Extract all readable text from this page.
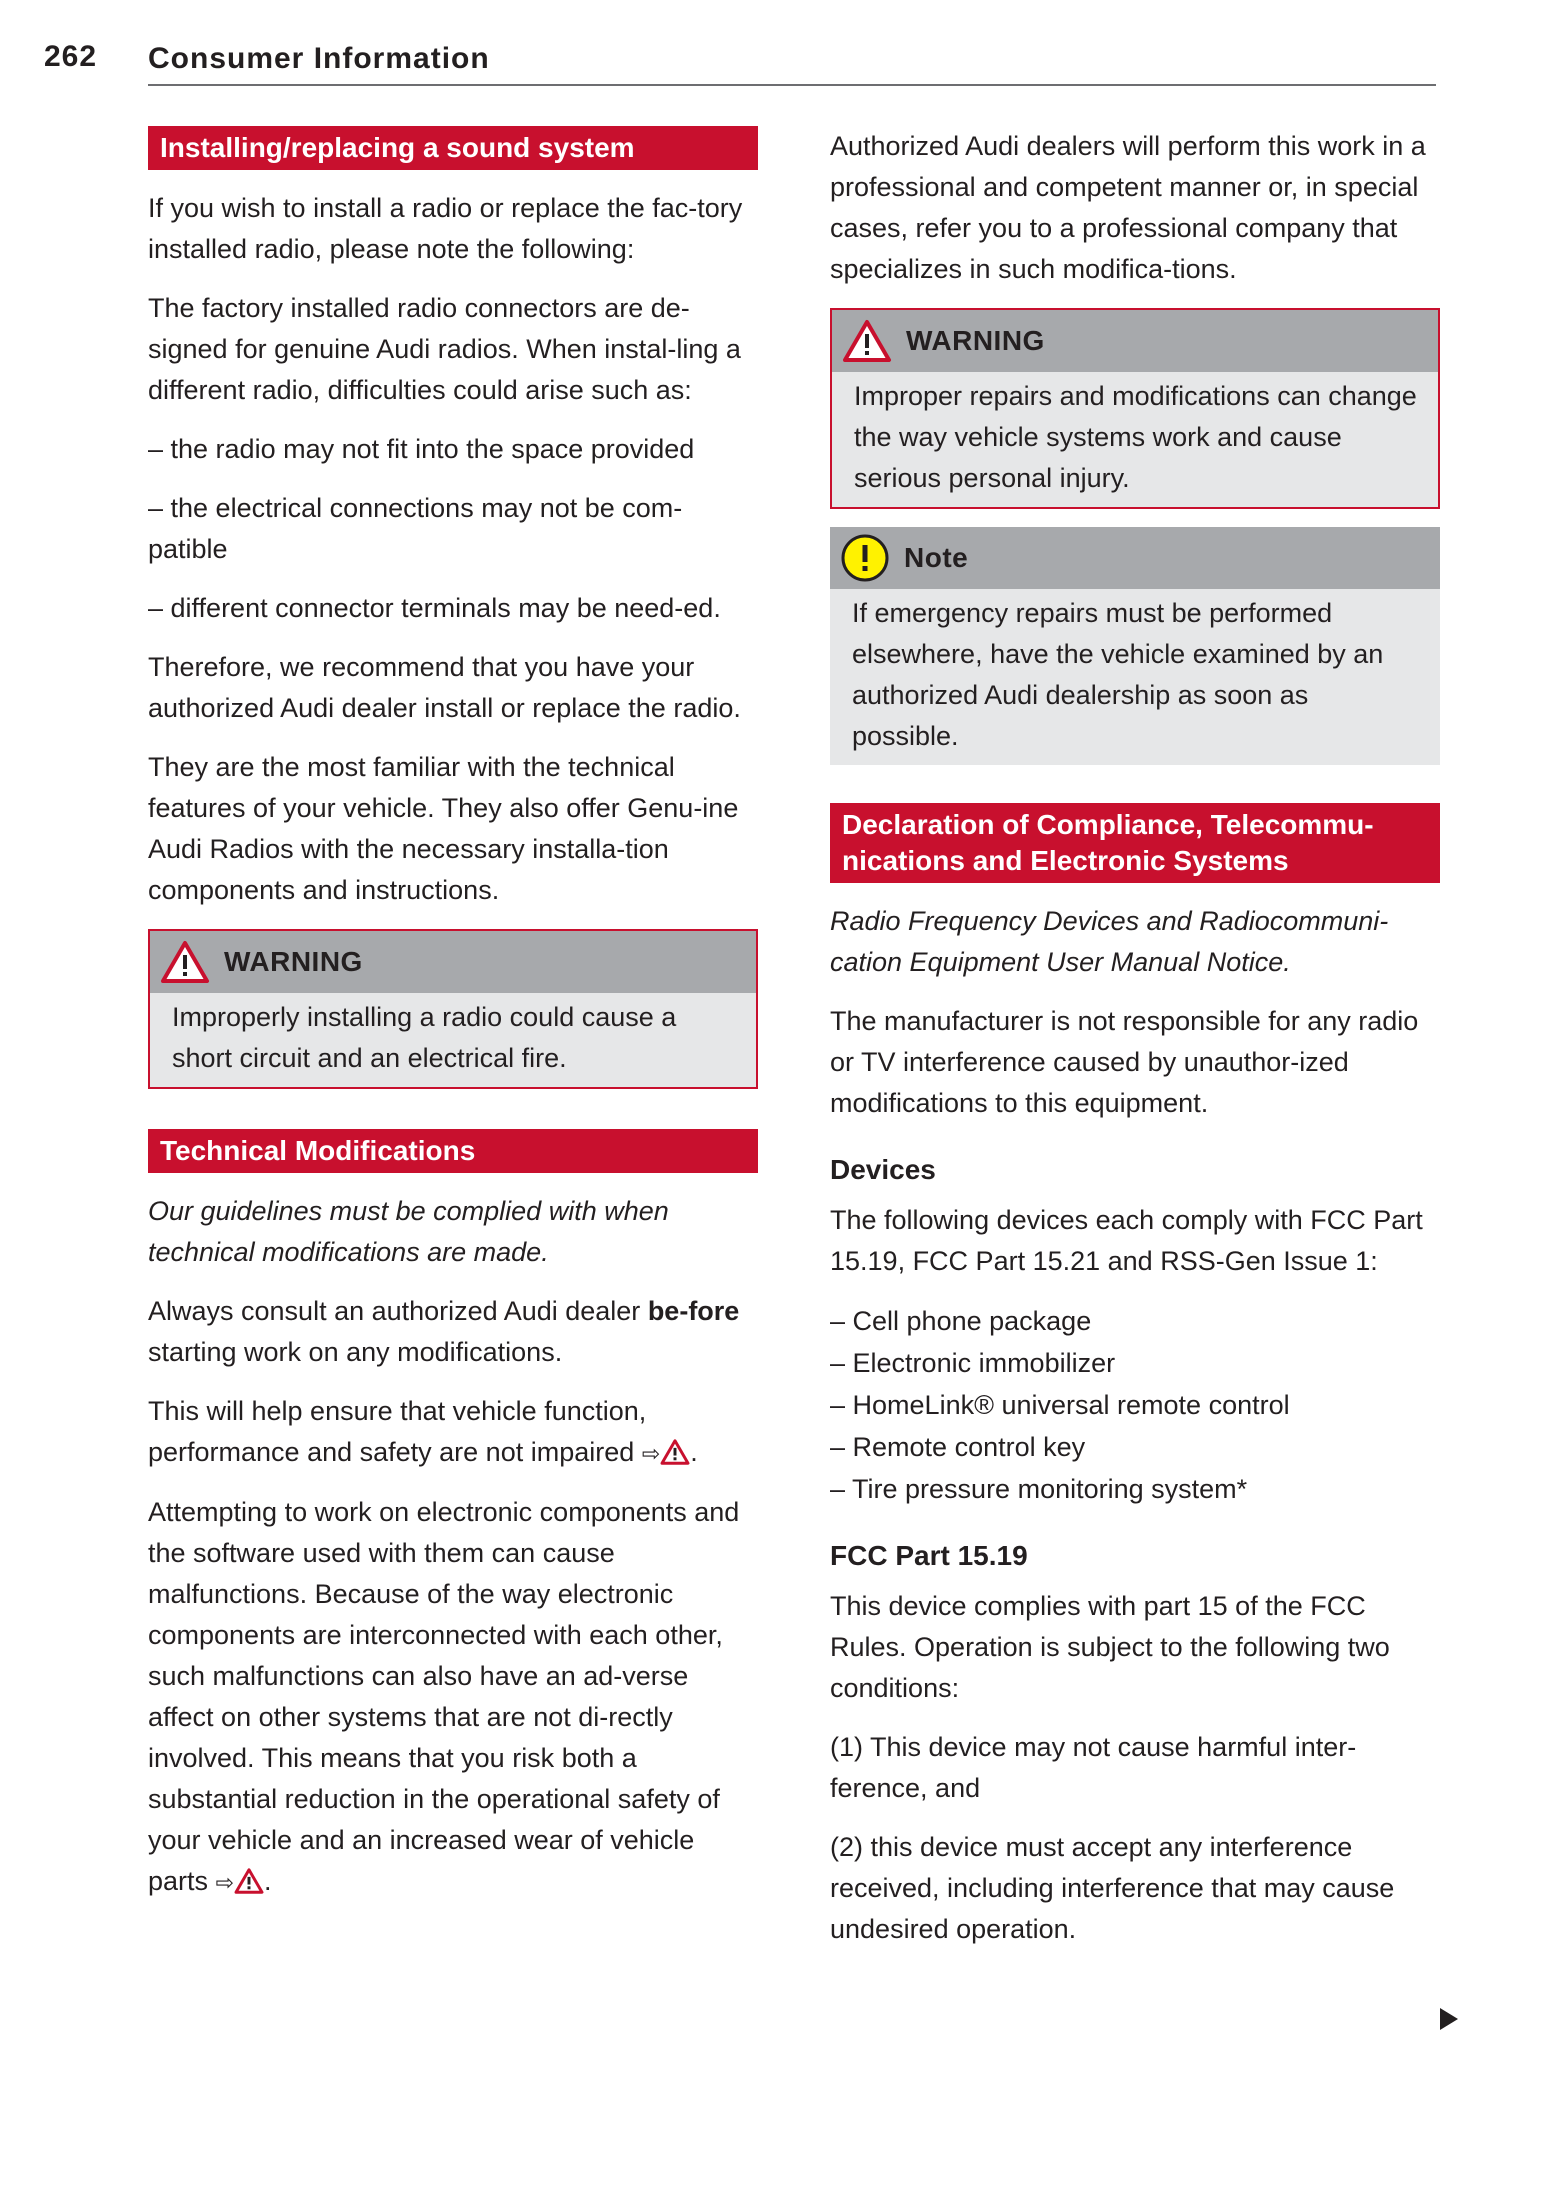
262 Consumer Information
Installing/replacing a sound system

If you wish to install a radio or replace the fac-tory installed radio, please note the following:

The factory installed radio connectors are de-signed for genuine Audi radios. When instal-ling a different radio, difficulties could arise such as:

– the radio may not fit into the space provided

– the electrical connections may not be com-patible

– different connector terminals may be need-ed.

Therefore, we recommend that you have your authorized Audi dealer install or replace the radio.

They are the most familiar with the technical features of your vehicle. They also offer Genu-ine Audi Radios with the necessary installa-tion components and instructions.

WARNING
Improperly installing a radio could cause a short circuit and an electrical fire.
Technical Modifications

Our guidelines must be complied with when technical modifications are made.

Always consult an authorized Audi dealer be-fore starting work on any modifications.

This will help ensure that vehicle function, performance and safety are not impaired ⇨ .

Attempting to work on electronic components and the software used with them can cause malfunctions. Because of the way electronic components are interconnected with each other, such malfunctions can also have an ad-verse affect on other systems that are not di-rectly involved. This means that you risk both a substantial reduction in the operational safety of your vehicle and an increased wear of vehicle parts ⇨ .

Authorized Audi dealers will perform this work in a professional and competent manner or, in special cases, refer you to a professional company that specializes in such modifica-tions.

WARNING
Improper repairs and modifications can change the way vehicle systems work and cause serious personal injury.
Note
If emergency repairs must be performed elsewhere, have the vehicle examined by an authorized Audi dealership as soon as possible.
Declaration of Compliance, Telecommu-nications and Electronic Systems

Radio Frequency Devices and Radiocommuni-cation Equipment User Manual Notice.

The manufacturer is not responsible for any radio or TV interference caused by unauthor-ized modifications to this equipment.

Devices

The following devices each comply with FCC Part 15.19, FCC Part 15.21 and RSS-Gen Issue 1:

– Cell phone package
– Electronic immobilizer
– HomeLink® universal remote control
– Remote control key
– Tire pressure monitoring system*
FCC Part 15.19

This device complies with part 15 of the FCC Rules. Operation is subject to the following two conditions:

(1) This device may not cause harmful inter-ference, and

(2) this device must accept any interference received, including interference that may cause undesired operation.
